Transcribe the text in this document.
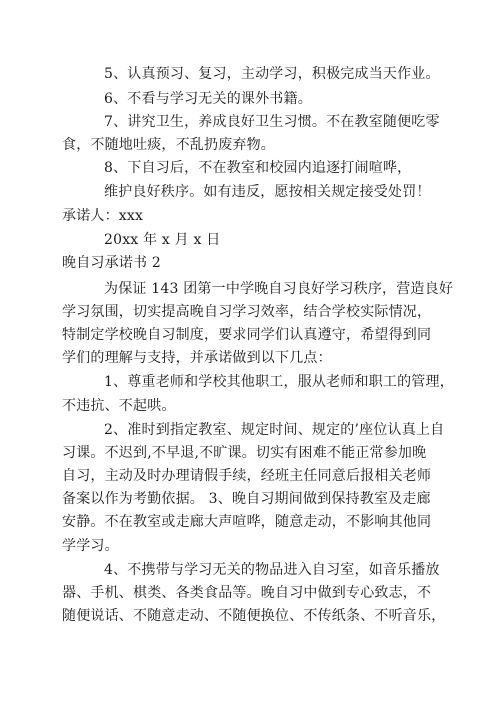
5、认真预习、复习，主动学习，积极完成当天作业。
6、不看与学习无关的课外书籍。
7、讲究卫生，养成良好卫生习惯。不在教室随便吃零
食，不随地吐痰，不乱扔废弃物。
8、下自习后，不在教室和校园内追逐打闹喧哗，
维护良好秩序。如有违反，愿按相关规定接受处罚！
承诺人：xxx
20xx 年 x 月 x 日
晚自习承诺书 2
为保证 143 团第一中学晚自习良好学习秩序，营造良好
学习氛围，切实提高晚自习学习效率，结合学校实际情况，
特制定学校晚自习制度，要求同学们认真遵守，希望得到同
学们的理解与支持，并承诺做到以下几点：
1、尊重老师和学校其他职工，服从老师和职工的管理，
不违抗、不起哄。
2、准时到指定教室、规定时间、规定的’座位认真上自
习课。不迟到,不早退,不旷课。切实有困难不能正常参加晚
自习，主动及时办理请假手续，经班主任同意后报相关老师
备案以作为考勤依据。 3、晚自习期间做到保持教室及走廊
安静。不在教室或走廊大声喧哗，随意走动，不影响其他同
学学习。
4、不携带与学习无关的物品进入自习室，如音乐播放
器、手机、棋类、各类食品等。晚自习中做到专心致志，不
随便说话、不随意走动、不随便换位、不传纸条、不听音乐，
